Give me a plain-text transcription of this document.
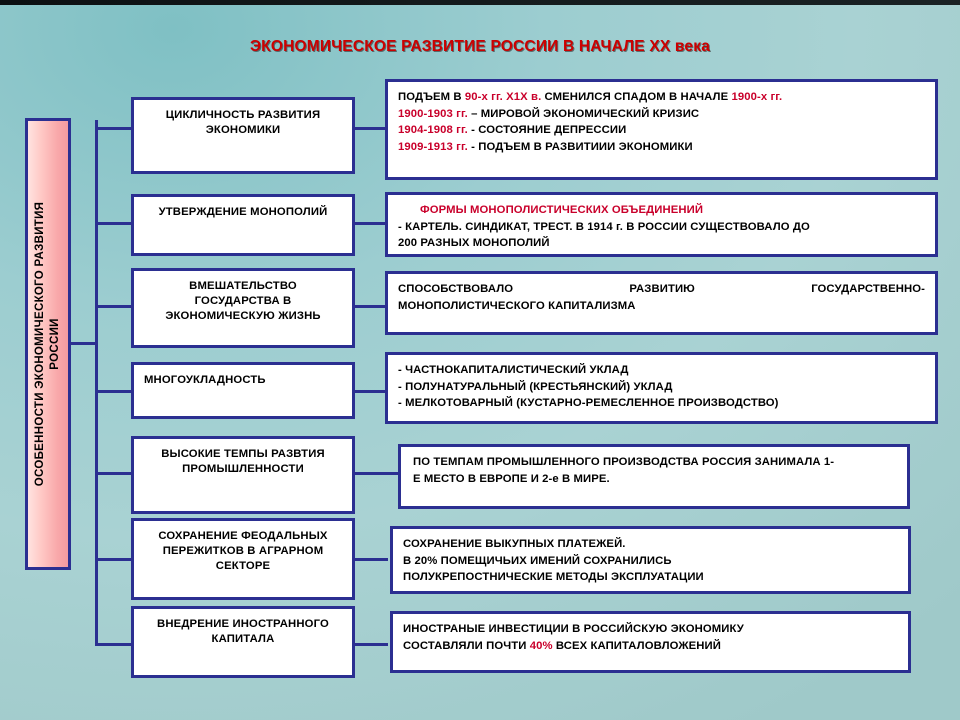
ЭКОНОМИЧЕСКОЕ РАЗВИТИЕ РОССИИ В НАЧАЛЕ XX века
ОСОБЕННОСТИ ЭКОНОМИЧЕСКОГО РАЗВИТИЯ РОССИИ
ЦИКЛИЧНОСТЬ РАЗВИТИЯ
ЭКОНОМИКИ
УТВЕРЖДЕНИЕ МОНОПОЛИЙ
ВМЕШАТЕЛЬСТВО
ГОСУДАРСТВА В
ЭКОНОМИЧЕСКУЮ ЖИЗНЬ
МНОГОУКЛАДНОСТЬ
ВЫСОКИЕ ТЕМПЫ РАЗВТИЯ
ПРОМЫШЛЕННОСТИ
СОХРАНЕНИЕ ФЕОДАЛЬНЫХ
ПЕРЕЖИТКОВ В АГРАРНОМ
СЕКТОРЕ
ВНЕДРЕНИЕ ИНОСТРАННОГО
КАПИТАЛА
ПОДЪЕМ В 90-х гг. X1X в. СМЕНИЛСЯ СПАДОМ В НАЧАЛЕ 1900-х гг.
1900-1903 гг. – МИРОВОЙ ЭКОНОМИЧЕСКИЙ КРИЗИС
1904-1908 гг. - СОСТОЯНИЕ ДЕПРЕССИИ
1909-1913 гг. - ПОДЪЕМ В РАЗВИТИИИ ЭКОНОМИКИ
ФОРМЫ МОНОПОЛИСТИЧЕСКИХ ОБЪЕДИНЕНИЙ
- КАРТЕЛЬ. СИНДИКАТ, ТРЕСТ. В 1914 г. В РОССИИ СУЩЕСТВОВАЛО ДО
200 РАЗНЫХ МОНОПОЛИЙ
СПОСОБСТВОВАЛО	РАЗВИТИЮ	ГОСУДАРСТВЕННО-
МОНОПОЛИСТИЧЕСКОГО КАПИТАЛИЗМА
- ЧАСТНОКАПИТАЛИСТИЧЕСКИЙ УКЛАД
- ПОЛУНАТУРАЛЬНЫЙ (КРЕСТЬЯНСКИЙ) УКЛАД
- МЕЛКОТОВАРНЫЙ (КУСТАРНО-РЕМЕСЛЕННОЕ ПРОИЗВОДСТВО)
ПО ТЕМПАМ ПРОМЫШЛЕННОГО ПРОИЗВОДСТВА РОССИЯ ЗАНИМАЛА 1-
Е МЕСТО В ЕВРОПЕ И 2-е В МИРЕ.
СОХРАНЕНИЕ ВЫКУПНЫХ ПЛАТЕЖЕЙ.
В 20% ПОМЕЩИЧЬИХ ИМЕНИЙ СОХРАНИЛИСЬ
ПОЛУКРЕПОСТНИЧЕСКИЕ МЕТОДЫ ЭКСПЛУАТАЦИИ
ИНОСТРАНЫЕ ИНВЕСТИЦИИ В РОССИЙСКУЮ ЭКОНОМИКУ
СОСТАВЛЯЛИ ПОЧТИ 40% ВСЕХ КАПИТАЛОВЛОЖЕНИЙ
